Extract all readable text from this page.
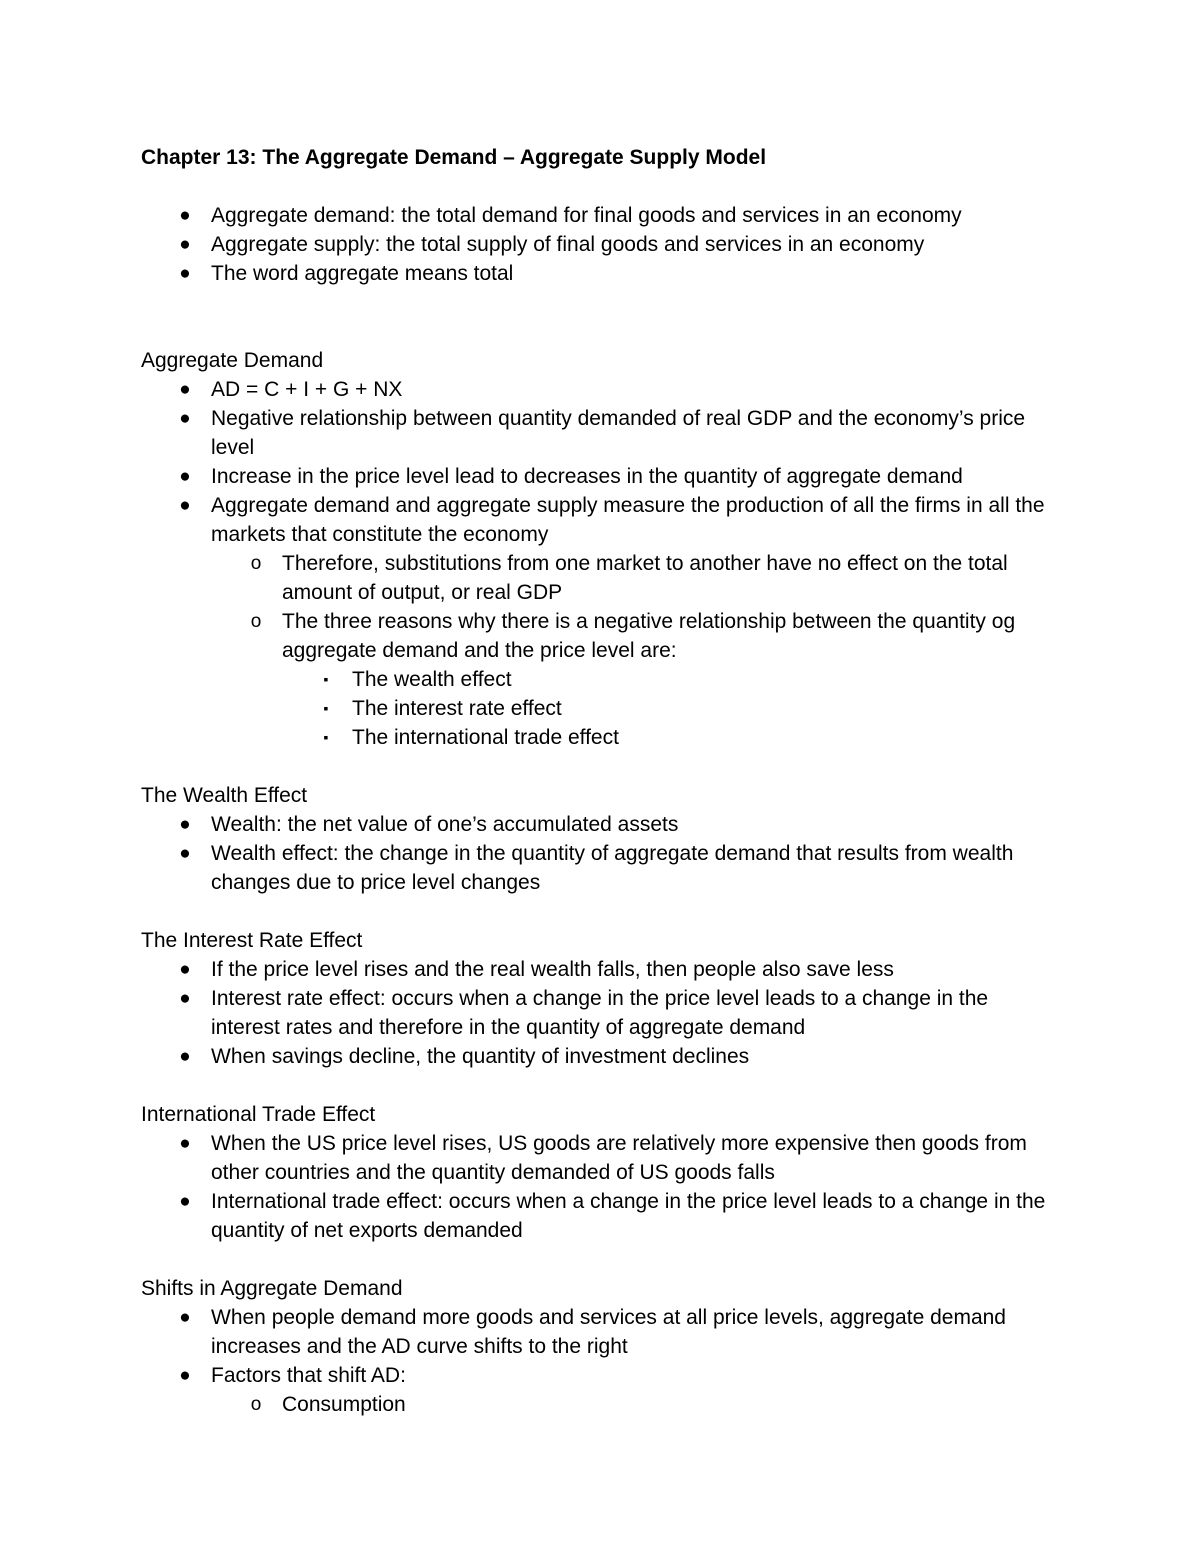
Chapter 13: The Aggregate Demand – Aggregate Supply Model
● Aggregate demand: the total demand for final goods and services in an economy
● Aggregate supply: the total supply of final goods and services in an economy
● The word aggregate means total
Aggregate Demand
● AD = C + I + G + NX
● Negative relationship between quantity demanded of real GDP and the economy’s price level
● Increase in the price level lead to decreases in the quantity of aggregate demand
● Aggregate demand and aggregate supply measure the production of all the firms in all the markets that constitute the economy
o Therefore, substitutions from one market to another have no effect on the total amount of output, or real GDP
o The three reasons why there is a negative relationship between the quantity og aggregate demand and the price level are:
▪	The wealth effect
▪	The interest rate effect
▪	The international trade effect
The Wealth Effect
● Wealth: the net value of one’s accumulated assets
● Wealth effect: the change in the quantity of aggregate demand that results from wealth changes due to price level changes
The Interest Rate Effect
● If the price level rises and the real wealth falls, then people also save less
● Interest rate effect: occurs when a change in the price level leads to a change in the interest rates and therefore in the quantity of aggregate demand
● When savings decline, the quantity of investment declines
International Trade Effect
● When the US price level rises, US goods are relatively more expensive then goods from other countries and the quantity demanded of US goods falls
● International trade effect: occurs when a change in the price level leads to a change in the quantity of net exports demanded
Shifts in Aggregate Demand
● When people demand more goods and services at all price levels, aggregate demand increases and the AD curve shifts to the right
● Factors that shift AD:
o Consumption
